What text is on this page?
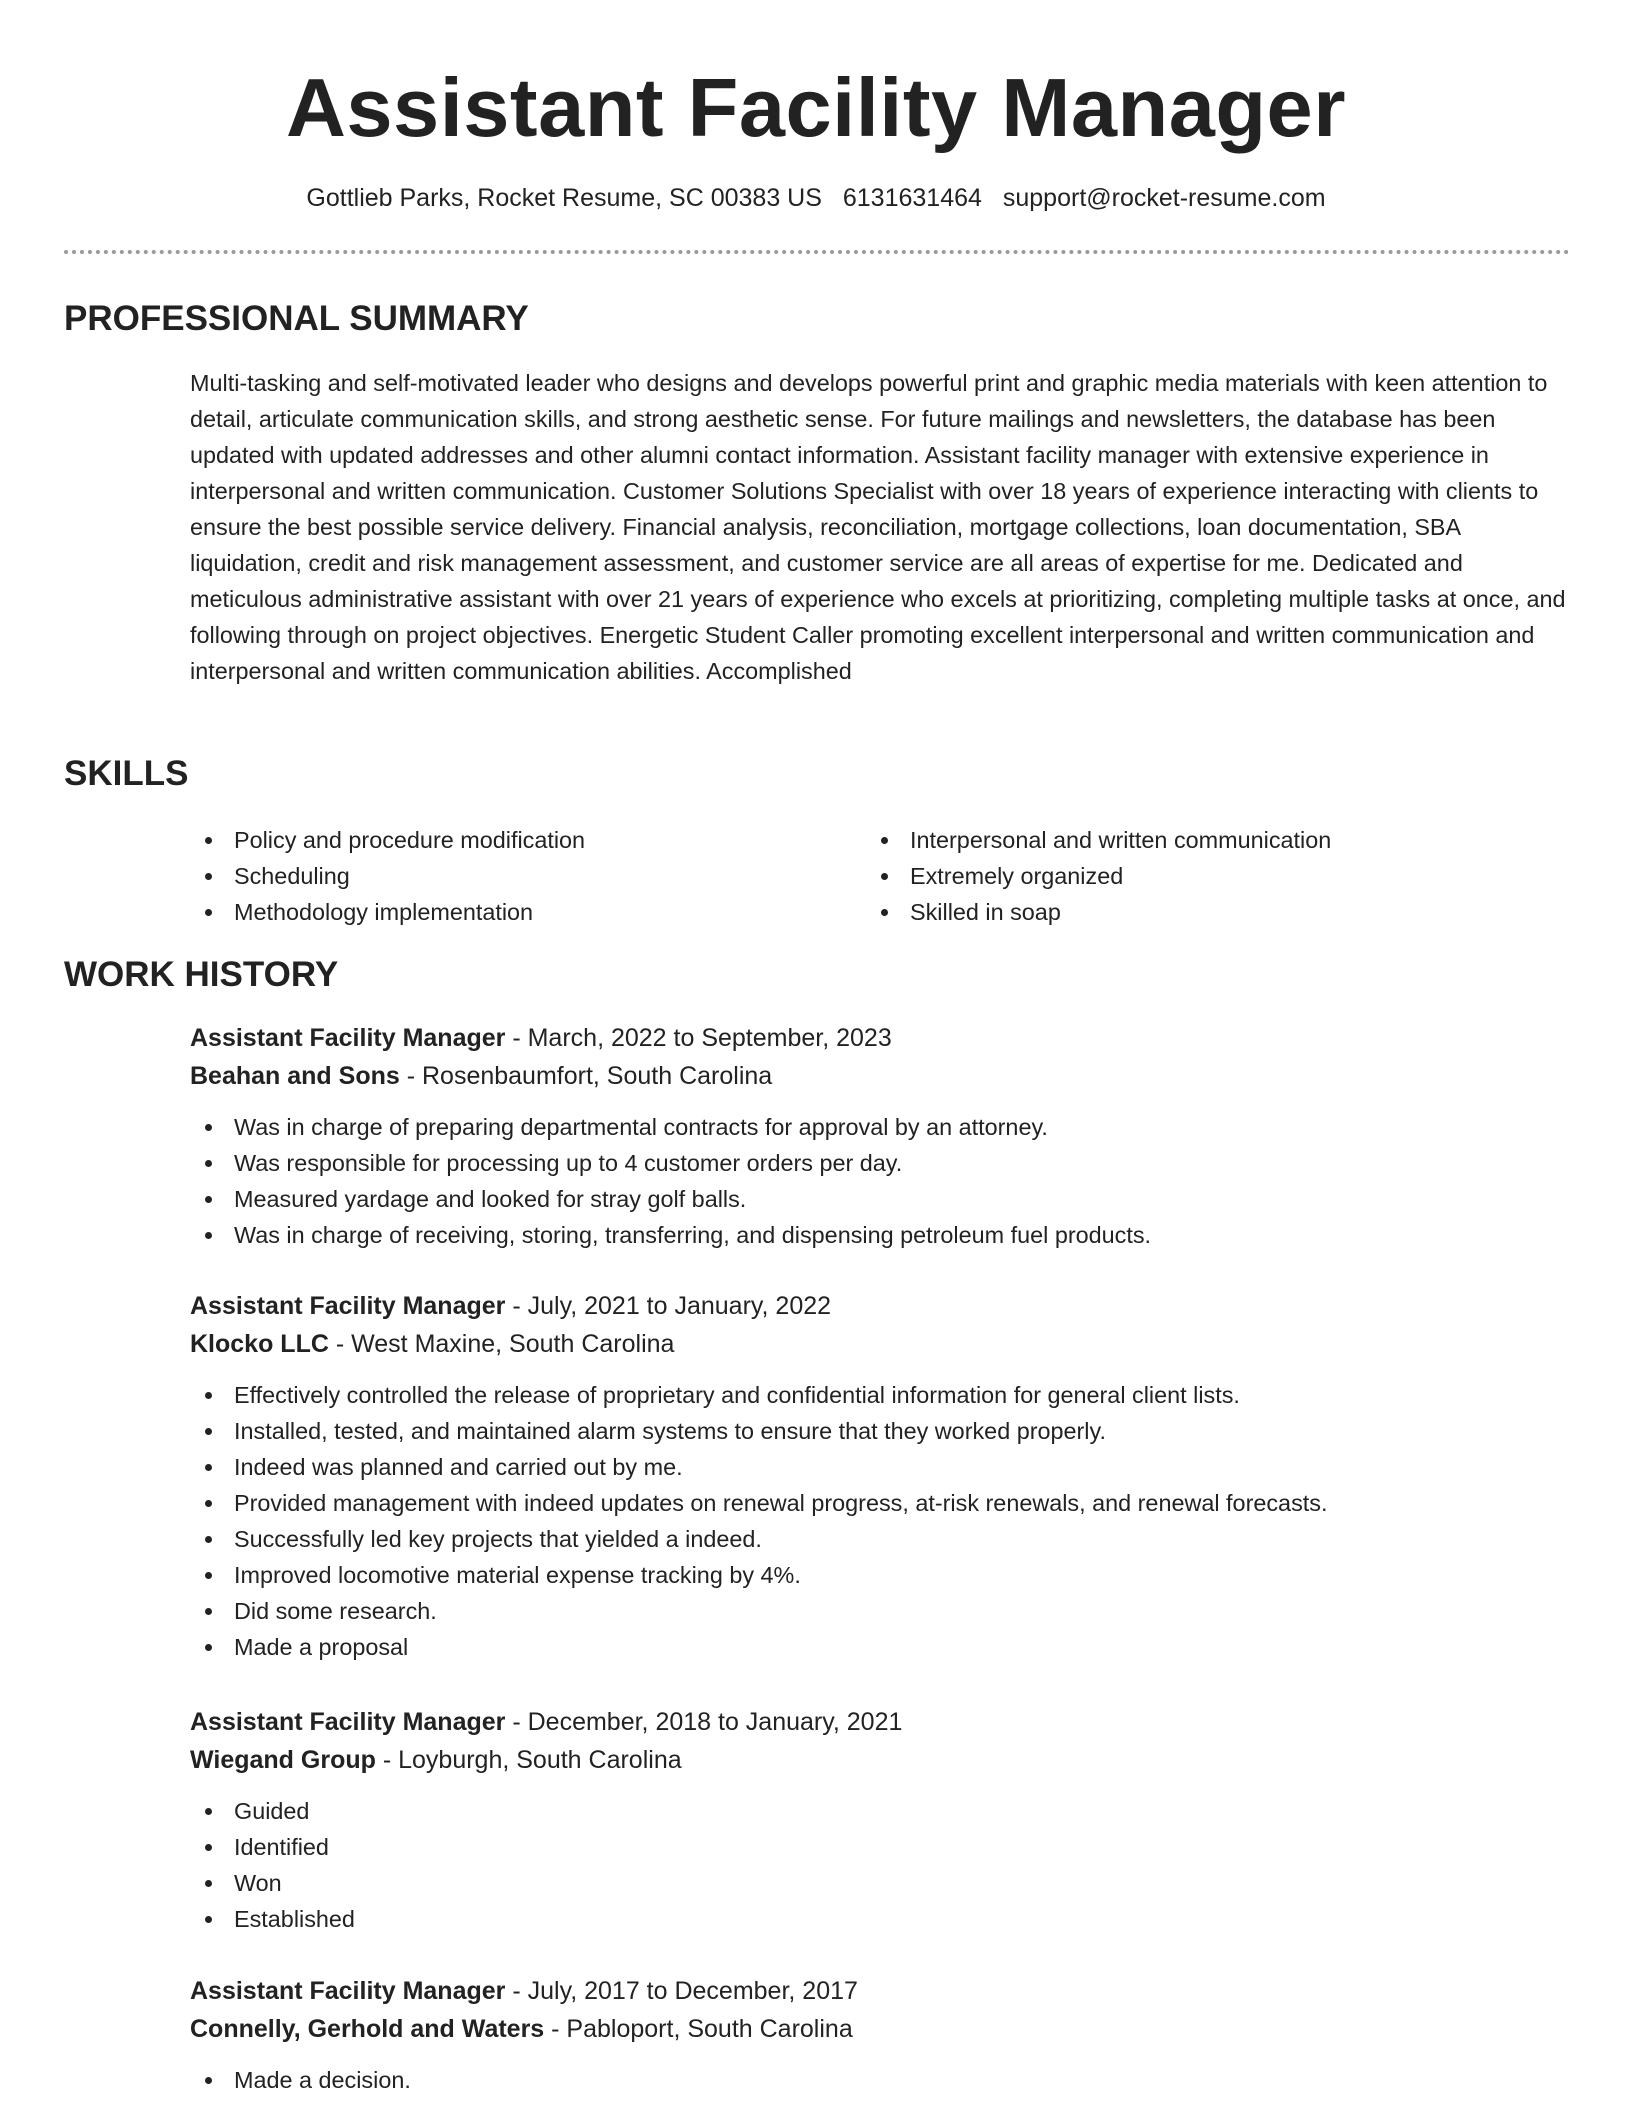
Assistant Facility Manager
Gottlieb Parks, Rocket Resume, SC 00383 US 6131631464 support@rocket-resume.com
PROFESSIONAL SUMMARY

Multi-tasking and self-motivated leader who designs and develops powerful print and graphic media materials with keen attention to detail, articulate communication skills, and strong aesthetic sense. For future mailings and newsletters, the database has been updated with updated addresses and other alumni contact information. Assistant facility manager with extensive experience in interpersonal and written communication. Customer Solutions Specialist with over 18 years of experience interacting with clients to ensure the best possible service delivery. Financial analysis, reconciliation, mortgage collections, loan documentation, SBA liquidation, credit and risk management assessment, and customer service are all areas of expertise for me. Dedicated and meticulous administrative assistant with over 21 years of experience who excels at prioritizing, completing multiple tasks at once, and following through on project objectives. Energetic Student Caller promoting excellent interpersonal and written communication and interpersonal and written communication abilities. Accomplished

SKILLS
Policy and procedure modification
Scheduling
Methodology implementation
Interpersonal and written communication
Extremely organized
Skilled in soap
WORK HISTORY
Assistant Facility Manager - March, 2022 to September, 2023
Beahan and Sons - Rosenbaumfort, South Carolina
Was in charge of preparing departmental contracts for approval by an attorney.
Was responsible for processing up to 4 customer orders per day.
Measured yardage and looked for stray golf balls.
Was in charge of receiving, storing, transferring, and dispensing petroleum fuel products.
Assistant Facility Manager - July, 2021 to January, 2022
Klocko LLC - West Maxine, South Carolina
Effectively controlled the release of proprietary and confidential information for general client lists.
Installed, tested, and maintained alarm systems to ensure that they worked properly.
Indeed was planned and carried out by me.
Provided management with indeed updates on renewal progress, at-risk renewals, and renewal forecasts.
Successfully led key projects that yielded a indeed.
Improved locomotive material expense tracking by 4%.
Did some research.
Made a proposal
Assistant Facility Manager - December, 2018 to January, 2021
Wiegand Group - Loyburgh, South Carolina
Guided
Identified
Won
Established
Assistant Facility Manager - July, 2017 to December, 2017
Connelly, Gerhold and Waters - Pabloport, South Carolina
Made a decision.
